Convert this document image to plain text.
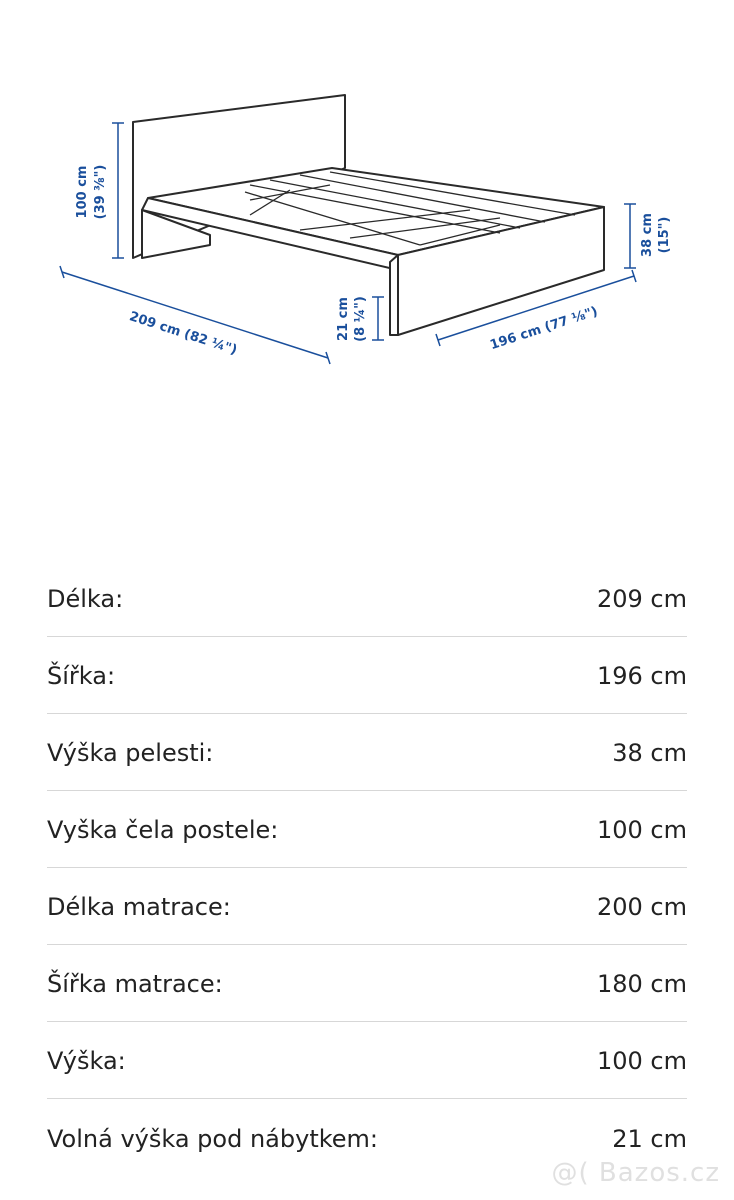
100 cm (39 ⅜")
209 cm (82 ¼")	21 cm (8 ¼")	196 cm (77 ⅛")
38 cm (15")
Délka:	209 cm
Šířka:	196 cm
Výška pelesti:	38 cm
Vyška čela postele:	100 cm
Délka matrace:	200 cm
Šířka matrace:	180 cm
Výška:	100 cm
Volná výška pod nábytkem:	21 cm
@( Bazos.cz
